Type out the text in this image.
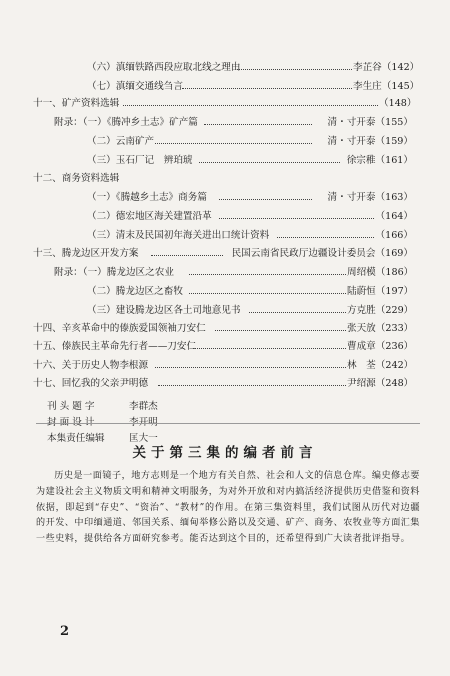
（六）滇缅铁路西段应取北线之理由	李芷谷（142）
（七）滇缅交通线刍言	李生庄（145）
十一、矿产资料选辑	（148）
附录：（一）《腾冲乡土志》矿产篇	清・寸开泰（155）
（二）云南矿产	清・寸开泰（159）
（三）玉石厂记　辨珀琥	徐宗稚（161）
十二、商务资料选辑
（一）《腾越乡土志》商务篇	清・寸开泰（163）
（二）德宏地区海关建置沿革	（164）
（三）清末及民国初年海关进出口统计资料	（166）
十三、腾龙边区开发方案	民国云南省民政厅边疆设计委员会（169）
附录：（一）腾龙边区之农业	周绍模（186）
（二）腾龙边区之畜牧	陆蔚恒（197）
（三）建设腾龙边区各土司地意见书	方克胜（229）
十四、辛亥革命中的傣族爱国领袖刀安仁	张天放（233）
十五、傣族民主革命先行者——刀安仁	曹成章（236）
十六、关于历史人物李根源	林　荃（242）
十七、回忆我的父亲尹明德	尹绍源（248）
刊 头 题 字	李群杰
封 面 设 计	李开明
本集责任编辑	匡大一
关于第三集的编者前言

历史是一面镜子，地方志则是一个地方有关自然、社会和人文的信息仓库。编史修志要为建设社会主义物质文明和精神文明服务，为对外开放和对内搞活经济提供历史借鉴和资料依据，即起到“存史”、“资治”、“教材”的作用。在第三集资料里，我们试图从历代对边疆的开发、中印缅通道、邻国关系、缅甸举修公路以及交通、矿产、商务、农牧业等方面汇集一些史料，提供给各方面研究参考。能否达到这个目的，还希望得到广大读者批评指导。

2
